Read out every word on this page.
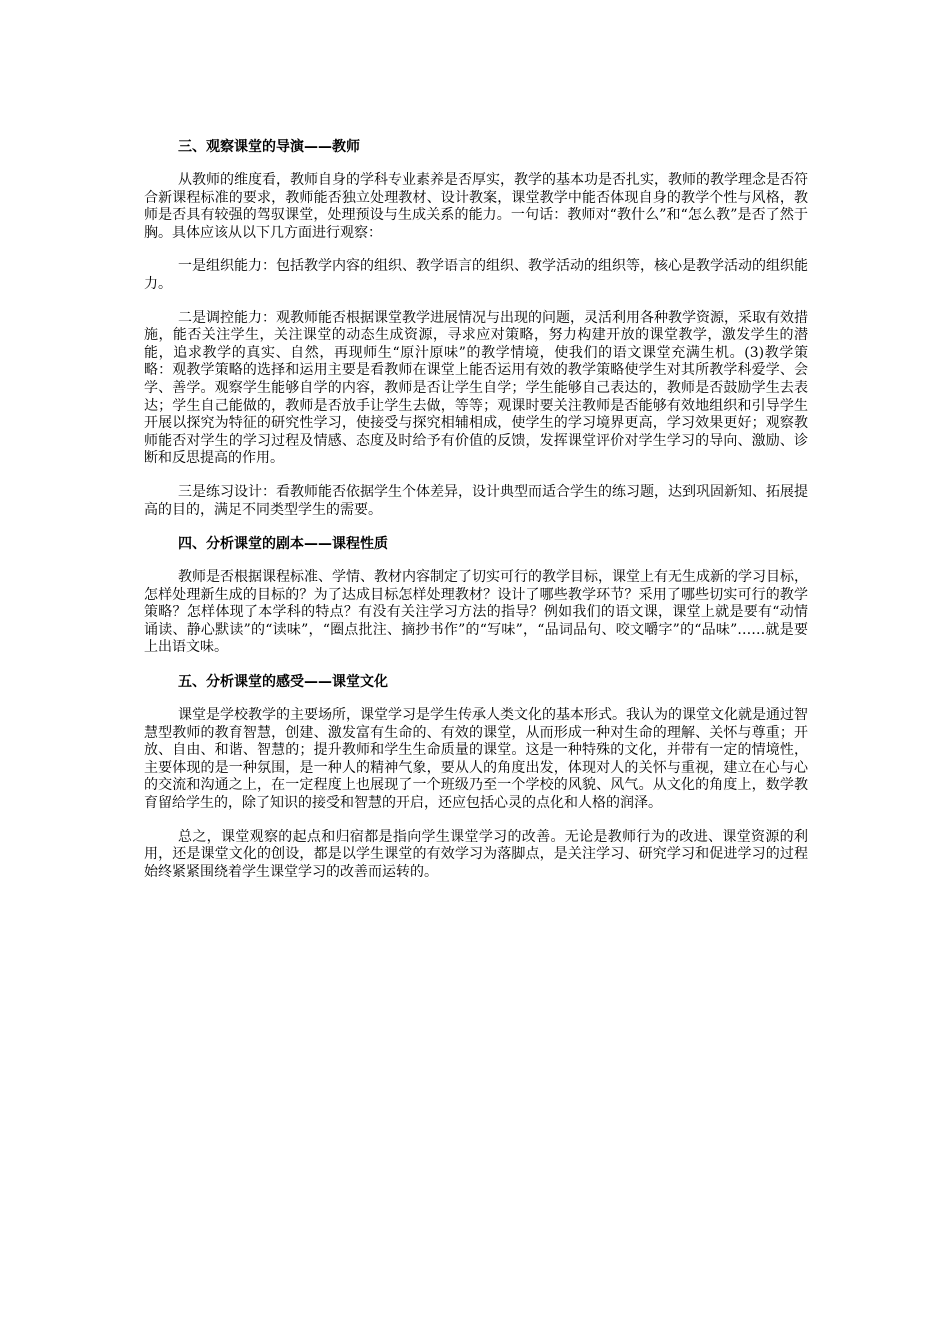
三、观察课堂的导演——教师

从教师的维度看，教师自身的学科专业素养是否厚实，教学的基本功是否扎实，教师的教学理念是否符合新课程标准的要求，教师能否独立处理教材、设计教案，课堂教学中能否体现自身的教学个性与风格，教师是否具有较强的驾驭课堂，处理预设与生成关系的能力。一句话：教师对“教什么”和“怎么教”是否了然于胸。具体应该从以下几方面进行观察：

一是组织能力：包括教学内容的组织、教学语言的组织、教学活动的组织等，核心是教学活动的组织能力。

二是调控能力：观教师能否根据课堂教学进展情况与出现的问题，灵活利用各种教学资源，采取有效措施，能否关注学生，关注课堂的动态生成资源，寻求应对策略，努力构建开放的课堂教学，激发学生的潜能，追求教学的真实、自然，再现师生“原汁原味”的教学情境，使我们的语文课堂充满生机。(3)教学策略：观教学策略的选择和运用主要是看教师在课堂上能否运用有效的教学策略使学生对其所教学科爱学、会学、善学。观察学生能够自学的内容，教师是否让学生自学；学生能够自己表达的，教师是否鼓励学生去表达；学生自己能做的，教师是否放手让学生去做，等等；观课时要关注教师是否能够有效地组织和引导学生开展以探究为特征的研究性学习，使接受与探究相辅相成，使学生的学习境界更高，学习效果更好；观察教师能否对学生的学习过程及情感、态度及时给予有价值的反馈，发挥课堂评价对学生学习的导向、激励、诊断和反思提高的作用。

三是练习设计：看教师能否依据学生个体差异，设计典型而适合学生的练习题，达到巩固新知、拓展提高的目的，满足不同类型学生的需要。

四、分析课堂的剧本——课程性质

教师是否根据课程标准、学情、教材内容制定了切实可行的教学目标，课堂上有无生成新的学习目标，怎样处理新生成的目标的？为了达成目标怎样处理教材？设计了哪些教学环节？采用了哪些切实可行的教学策略？怎样体现了本学科的特点？有没有关注学习方法的指导？例如我们的语文课，课堂上就是要有“动情诵读、静心默读”的“读味”，“圈点批注、摘抄书作”的“写味”，“品词品句、咬文嚼字”的“品味”……就是要上出语文味。

五、分析课堂的感受——课堂文化

课堂是学校教学的主要场所，课堂学习是学生传承人类文化的基本形式。我认为的课堂文化就是通过智慧型教师的教育智慧，创建、激发富有生命的、有效的课堂，从而形成一种对生命的理解、关怀与尊重；开放、自由、和谐、智慧的；提升教师和学生生命质量的课堂。这是一种特殊的文化，并带有一定的情境性，主要体现的是一种氛围，是一种人的精神气象，要从人的角度出发，体现对人的关怀与重视，建立在心与心的交流和沟通之上，在一定程度上也展现了一个班级乃至一个学校的风貌、风气。从文化的角度上，数学教育留给学生的，除了知识的接受和智慧的开启，还应包括心灵的点化和人格的润泽。

总之，课堂观察的起点和归宿都是指向学生课堂学习的改善。无论是教师行为的改进、课堂资源的利用，还是课堂文化的创设，都是以学生课堂的有效学习为落脚点，是关注学习、研究学习和促进学习的过程始终紧紧围绕着学生课堂学习的改善而运转的。
